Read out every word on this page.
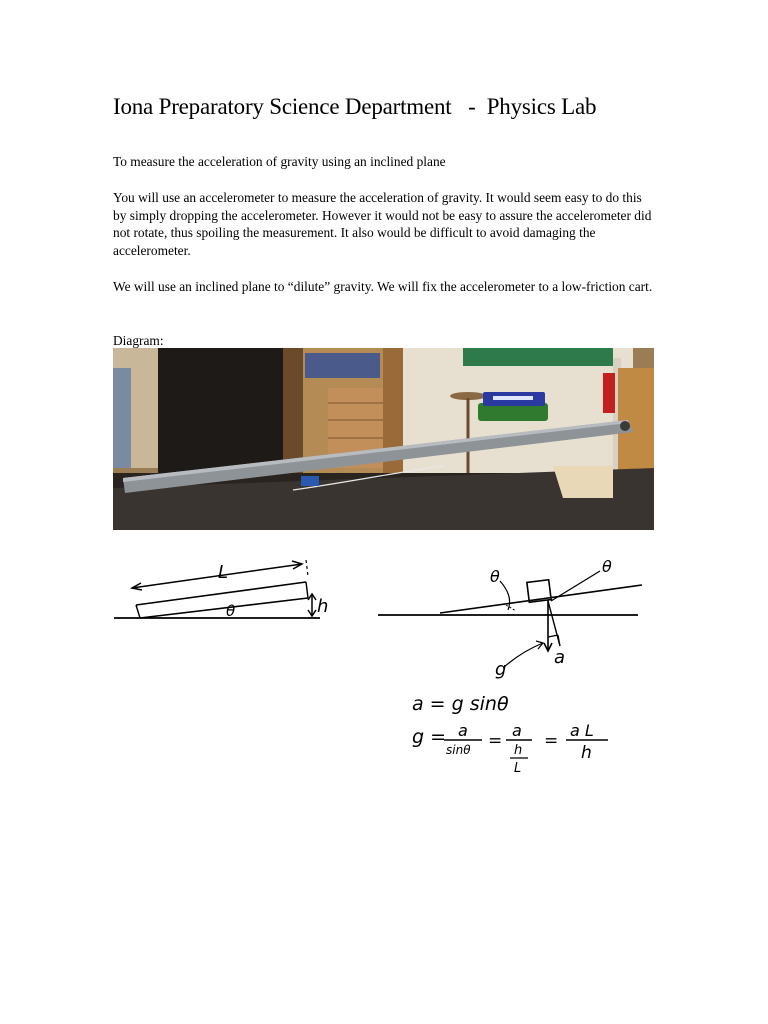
Iona Preparatory Science Department   -  Physics Lab
To measure the acceleration of gravity using an inclined plane
You will use an accelerometer to measure the acceleration of gravity. It would seem easy to do this by simply dropping the accelerometer. However it would not be easy to assure the accelerometer did not rotate, thus spoiling the measurement. It also would be difficult to avoid damaging the accelerometer.
We will use an inclined plane to “dilute” gravity. We will fix the accelerometer to a low-friction cart.
Diagram:
L
h
θ
θ
θ
g
a
a = g sinθ
g = a
sinθ =
a
h
L
=
a L
h
